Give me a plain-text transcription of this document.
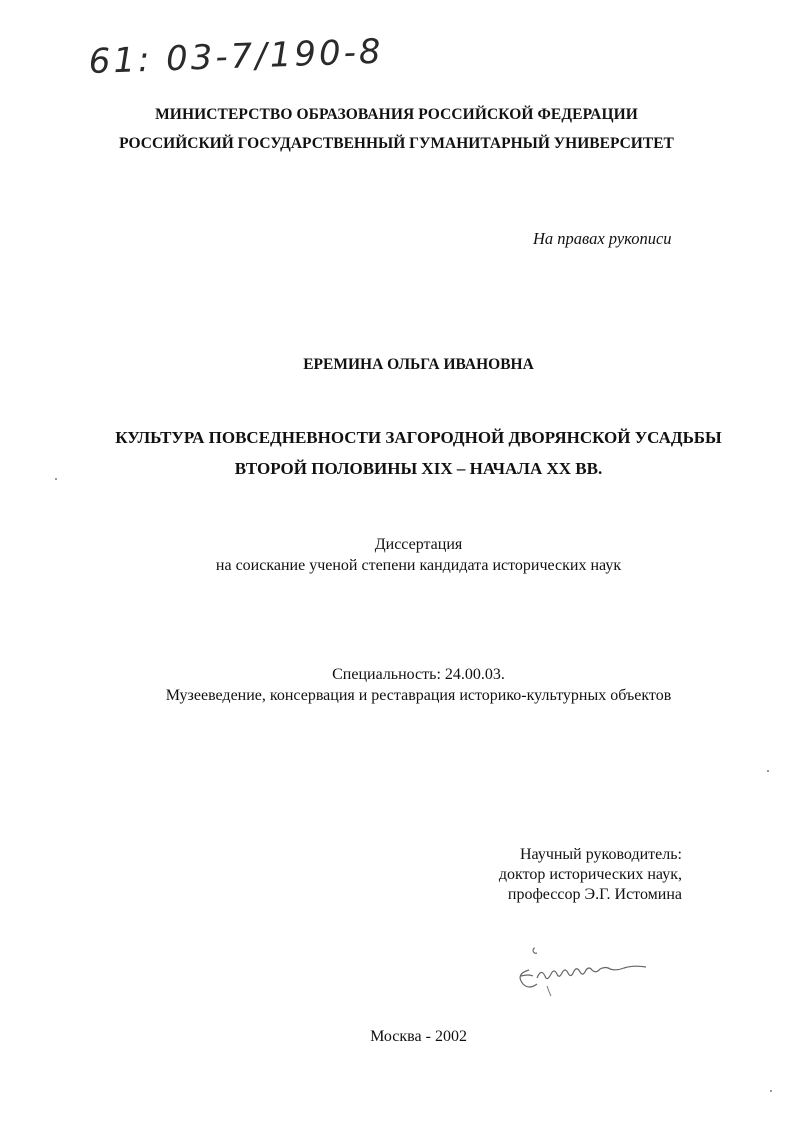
61: 03-7/190-8
МИНИСТЕРСТВО ОБРАЗОВАНИЯ РОССИЙСКОЙ ФЕДЕРАЦИИ
РОССИЙСКИЙ ГОСУДАРСТВЕННЫЙ ГУМАНИТАРНЫЙ УНИВЕРСИТЕТ
На правах рукописи
ЕРЕМИНА ОЛЬГА ИВАНОВНА
КУЛЬТУРА ПОВСЕДНЕВНОСТИ ЗАГОРОДНОЙ ДВОРЯНСКОЙ УСАДЬБЫ
ВТОРОЙ ПОЛОВИНЫ XIX – НАЧАЛА XX ВВ.
Диссертация
на соискание ученой степени кандидата исторических наук
Специальность: 24.00.03.
Музееведение, консервация и реставрация историко-культурных объектов
Научный руководитель:
доктор исторических наук,
профессор Э.Г. Истомина
Москва - 2002
